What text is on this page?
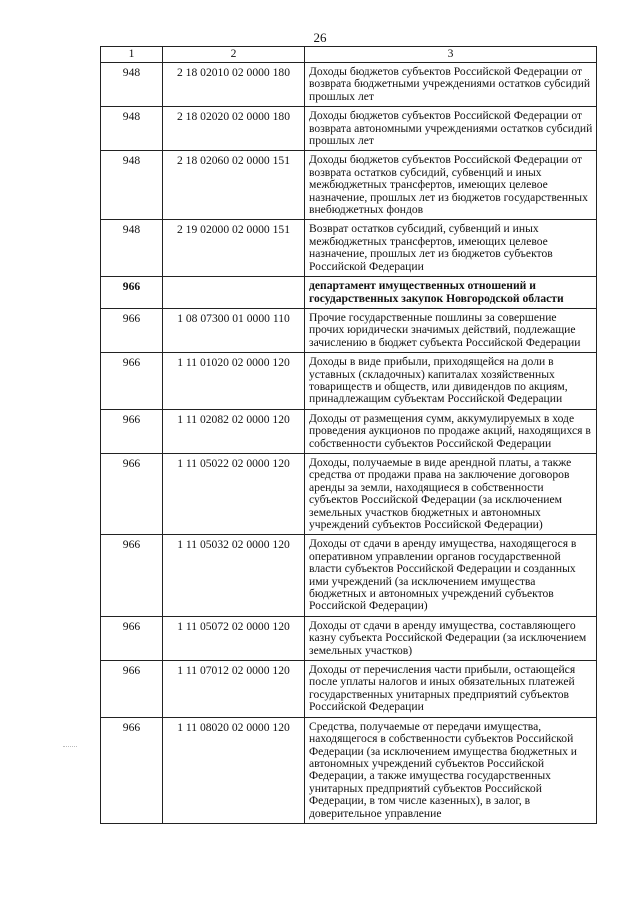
26
1	2	3
948	2 18 02010 02 0000 180	Доходы бюджетов субъектов Российской Федерации от возврата бюджетными учреждениями остатков субсидий прошлых лет
948	2 18 02020 02 0000 180	Доходы бюджетов субъектов Российской Федерации от возврата автономными учреждениями остатков субсидий прошлых лет
948	2 18 02060 02 0000 151	Доходы бюджетов субъектов Российской Федерации от возврата остатков субсидий, субвенций и иных межбюджетных трансфертов, имеющих целевое назначение, прошлых лет из бюджетов государственных внебюджетных фондов
948	2 19 02000 02 0000 151	Возврат остатков субсидий, субвенций и иных межбюджетных трансфертов, имеющих целевое назначение, прошлых лет из бюджетов субъектов Российской Федерации
966		департамент имущественных отношений и государственных закупок Новгородской области
966	1 08 07300 01 0000 110	Прочие государственные пошлины за совершение прочих юридически значимых действий, подлежащие зачислению в бюджет субъекта Российской Федерации
966	1 11 01020 02 0000 120	Доходы в виде прибыли, приходящейся на доли в уставных (складочных) капиталах хозяйственных товариществ и обществ, или дивидендов по акциям, принадлежащим субъектам Российской Федерации
966	1 11 02082 02 0000 120	Доходы от размещения сумм, аккумулируемых в ходе проведения аукционов по продаже акций, находящихся в собственности субъектов Российской Федерации
966	1 11 05022 02 0000 120	Доходы, получаемые в виде арендной платы, а также средства от продажи права на заключение договоров аренды за земли, находящиеся в собственности субъектов Российской Федерации (за исключением земельных участков бюджетных и автономных учреждений субъектов Российской Федерации)
966	1 11 05032 02 0000 120	Доходы от сдачи в аренду имущества, находящегося в оперативном управлении органов государственной власти субъектов Российской Федерации и созданных ими учреждений (за исключением имущества бюджетных и автономных учреждений субъектов Российской Федерации)
966	1 11 05072 02 0000 120	Доходы от сдачи в аренду имущества, составляющего казну субъекта Российской Федерации (за исключением земельных участков)
966	1 11 07012 02 0000 120	Доходы от перечисления части прибыли, остающейся после уплаты налогов и иных обязательных платежей государственных унитарных предприятий субъектов Российской Федерации
966	1 11 08020 02 0000 120	Средства, получаемые от передачи имущества, находящегося в собственности субъектов Российской Федерации (за исключением имущества бюджетных и автономных учреждений субъектов Российской Федерации, а также имущества государственных унитарных предприятий субъектов Российской Федерации, в том числе казенных), в залог, в доверительное управление
